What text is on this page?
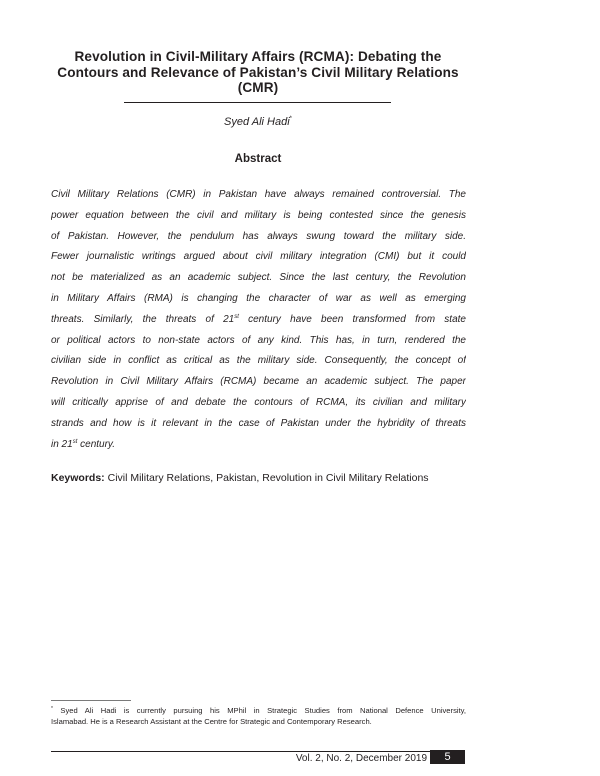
Revolution in Civil-Military Affairs (RCMA): Debating the
Contours and Relevance of Pakistan’s Civil Military Relations
(CMR)
Syed Ali Hadi*
Abstract
Civil Military Relations (CMR) in Pakistan have always remained controversial. The
power equation between the civil and military is being contested since the genesis
of Pakistan. However, the pendulum has always swung toward the military side.
Fewer journalistic writings argued about civil military integration (CMI) but it could
not be materialized as an academic subject. Since the last century, the Revolution
in Military Affairs (RMA) is changing the character of war as well as emerging
threats. Similarly, the threats of 21st century have been transformed from state
or political actors to non-state actors of any kind. This has, in turn, rendered the
civilian side in conflict as critical as the military side. Consequently, the concept of
Revolution in Civil Military Affairs (RCMA) became an academic subject. The paper
will critically apprise of and debate the contours of RCMA, its civilian and military
strands and how is it relevant in the case of Pakistan under the hybridity of threats
in 21st century.
Keywords: Civil Military Relations, Pakistan, Revolution in Civil Military Relations
* Syed Ali Hadi is currently pursuing his MPhil in Strategic Studies from National Defence University,
Islamabad. He is a Research Assistant at the Centre for Strategic and Contemporary Research.
Vol. 2, No. 2, December 2019	5
